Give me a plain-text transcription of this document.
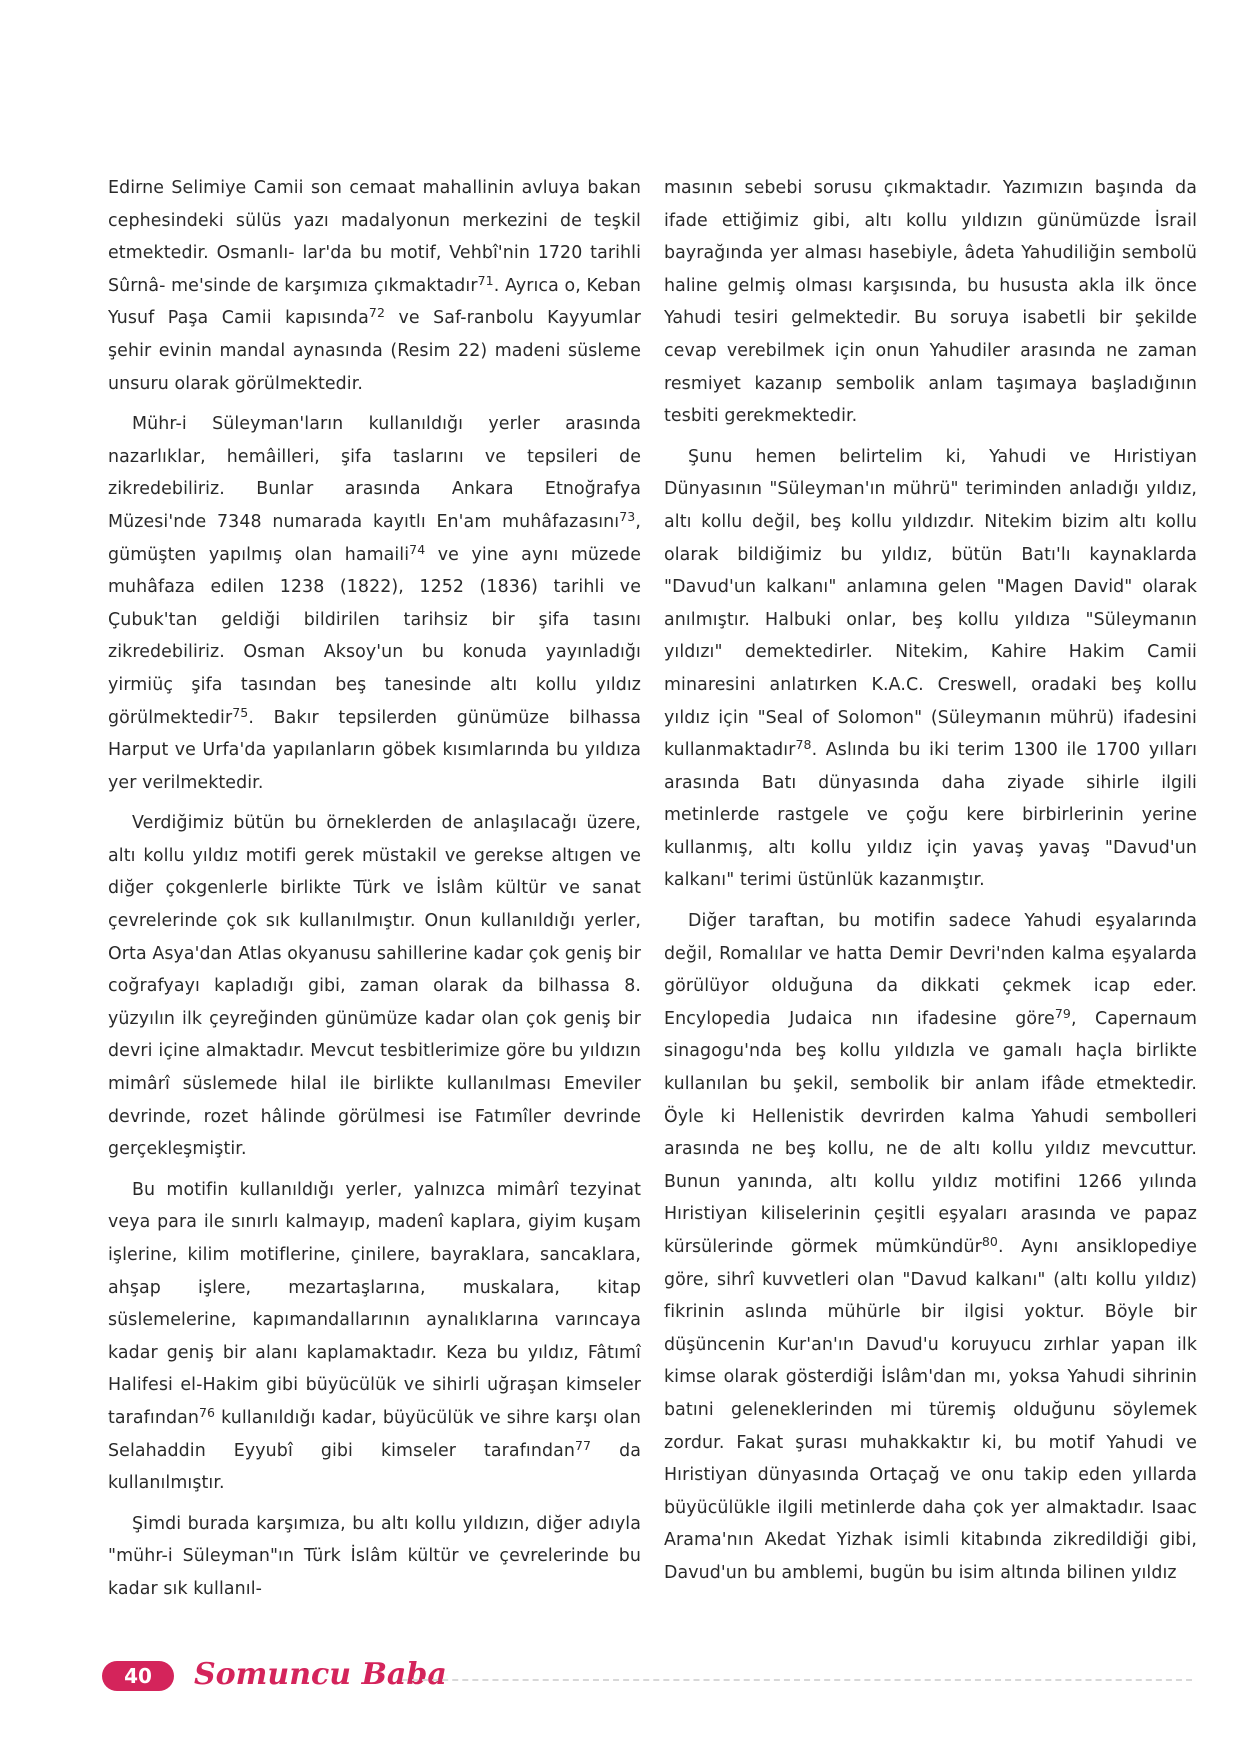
Edirne Selimiye Camii son cemaat mahallinin avluya bakan cephesindeki sülüs yazı madalyonun merkezini de teşkil etmektedir. Osmanlı- lar'da bu motif, Vehbî'nin 1720 tarihli Sûrnâ- me'sinde de karşımıza çıkmaktadır$^{71}$. Ayrıca o, Keban Yusuf Paşa Camii kapısında$^{72}$ ve Saf-ranbolu Kayyumlar şehir evinin mandal aynasında (Resim 22) madeni süsleme unsuru olarak görülmektedir.

Mühr-i Süleyman'ların kullanıldığı yerler arasında nazarlıklar, hemâilleri, şifa taslarını ve tepsileri de zikredebiliriz. Bunlar arasında Ankara Etnoğrafya Müzesi'nde 7348 numarada kayıtlı En'am muhâfazasını$^{73}$, gümüşten yapılmış olan hamaili$^{74}$ ve yine aynı müzede muhâfaza edilen 1238 (1822), 1252 (1836) tarihli ve Çubuk'tan geldiği bildirilen tarihsiz bir şifa tasını zikredebiliriz. Osman Aksoy'un bu konuda yayınladığı yirmiüç şifa tasından beş tanesinde altı kollu yıldız görülmektedir$^{75}$. Bakır tepsilerden günümüze bilhassa Harput ve Urfa'da yapılanların göbek kısımlarında bu yıldıza yer verilmektedir.

Verdiğimiz bütün bu örneklerden de anlaşılacağı üzere, altı kollu yıldız motifi gerek müstakil ve gerekse altıgen ve diğer çokgenlerle birlikte Türk ve İslâm kültür ve sanat çevrelerinde çok sık kullanılmıştır. Onun kullanıldığı yerler, Orta Asya'dan Atlas okyanusu sahillerine kadar çok geniş bir coğrafyayı kapladığı gibi, zaman olarak da bilhassa 8. yüzyılın ilk çeyreğinden günümüze kadar olan çok geniş bir devri içine almaktadır. Mevcut tesbitlerimize göre bu yıldızın mimârî süslemede hilal ile birlikte kullanılması Emeviler devrinde, rozet hâlinde görülmesi ise Fatımîler devrinde gerçekleşmiştir.

Bu motifin kullanıldığı yerler, yalnızca mimârî tezyinat veya para ile sınırlı kalmayıp, madenî kaplara, giyim kuşam işlerine, kilim motiflerine, çinilere, bayraklara, sancaklara, ahşap işlere, mezartaşlarına, muskalara, kitap süslemelerine, kapımandallarının aynalıklarına varıncaya kadar geniş bir alanı kaplamaktadır. Keza bu yıldız, Fâtımî Halifesi el-Hakim gibi büyücülük ve sihirli uğraşan kimseler tarafından$^{76}$ kullanıldığı kadar, büyücülük ve sihre karşı olan Selahaddin Eyyubî gibi kimseler tarafından$^{77}$ da kullanılmıştır.

Şimdi burada karşımıza, bu altı kollu yıldızın, diğer adıyla "mühr-i Süleyman"ın Türk İslâm kültür ve çevrelerinde bu kadar sık kullanıl-

masının sebebi sorusu çıkmaktadır. Yazımızın başında da ifade ettiğimiz gibi, altı kollu yıldızın günümüzde İsrail bayrağında yer alması hasebiyle, âdeta Yahudiliğin sembolü haline gelmiş olması karşısında, bu hususta akla ilk önce Yahudi tesiri gelmektedir. Bu soruya isabetli bir şekilde cevap verebilmek için onun Yahudiler arasında ne zaman resmiyet kazanıp sembolik anlam taşımaya başladığının tesbiti gerekmektedir.

Şunu hemen belirtelim ki, Yahudi ve Hıristiyan Dünyasının "Süleyman'ın mührü" teriminden anladığı yıldız, altı kollu değil, beş kollu yıldızdır. Nitekim bizim altı kollu olarak bildiğimiz bu yıldız, bütün Batı'lı kaynaklarda "Davud'un kalkanı" anlamına gelen "Magen David" olarak anılmıştır. Halbuki onlar, beş kollu yıldıza "Süleymanın yıldızı" demektedirler. Nitekim, Kahire Hakim Camii minaresini anlatırken K.A.C. Creswell, oradaki beş kollu yıldız için "Seal of Solomon" (Süleymanın mührü) ifadesini kullanmaktadır$^{78}$. Aslında bu iki terim 1300 ile 1700 yılları arasında Batı dünyasında daha ziyade sihirle ilgili metinlerde rastgele ve çoğu kere birbirlerinin yerine kullanmış, altı kollu yıldız için yavaş yavaş "Davud'un kalkanı" terimi üstünlük kazanmıştır.

Diğer taraftan, bu motifin sadece Yahudi eşyalarında değil, Romalılar ve hatta Demir Devri'nden kalma eşyalarda görülüyor olduğuna da dikkati çekmek icap eder. Encylopedia Judaica nın ifadesine göre$^{79}$, Capernaum sinagogu'nda beş kollu yıldızla ve gamalı haçla birlikte kullanılan bu şekil, sembolik bir anlam ifâde etmektedir. Öyle ki Hellenistik devrirden kalma Yahudi sembolleri arasında ne beş kollu, ne de altı kollu yıldız mevcuttur. Bunun yanında, altı kollu yıldız motifini 1266 yılında Hıristiyan kiliselerinin çeşitli eşyaları arasında ve papaz kürsülerinde görmek mümkündür$^{80}$. Aynı ansiklopediye göre, sihrî kuvvetleri olan "Davud kalkanı" (altı kollu yıldız) fikrinin aslında mühürle bir ilgisi yoktur. Böyle bir düşüncenin Kur'an'ın Davud'u koruyucu zırhlar yapan ilk kimse olarak gösterdiği İslâm'dan mı, yoksa Yahudi sihrinin batıni geleneklerinden mi türemiş olduğunu söylemek zordur. Fakat şurası muhakkaktır ki, bu motif Yahudi ve Hıristiyan dünyasında Ortaçağ ve onu takip eden yıllarda büyücülükle ilgili metinlerde daha çok yer almaktadır. Isaac Arama'nın Akedat Yizhak isimli kitabında zikredildiği gibi, Davud'un bu amblemi, bugün bu isim altında bilinen yıldız

40	Somuncu Baba
